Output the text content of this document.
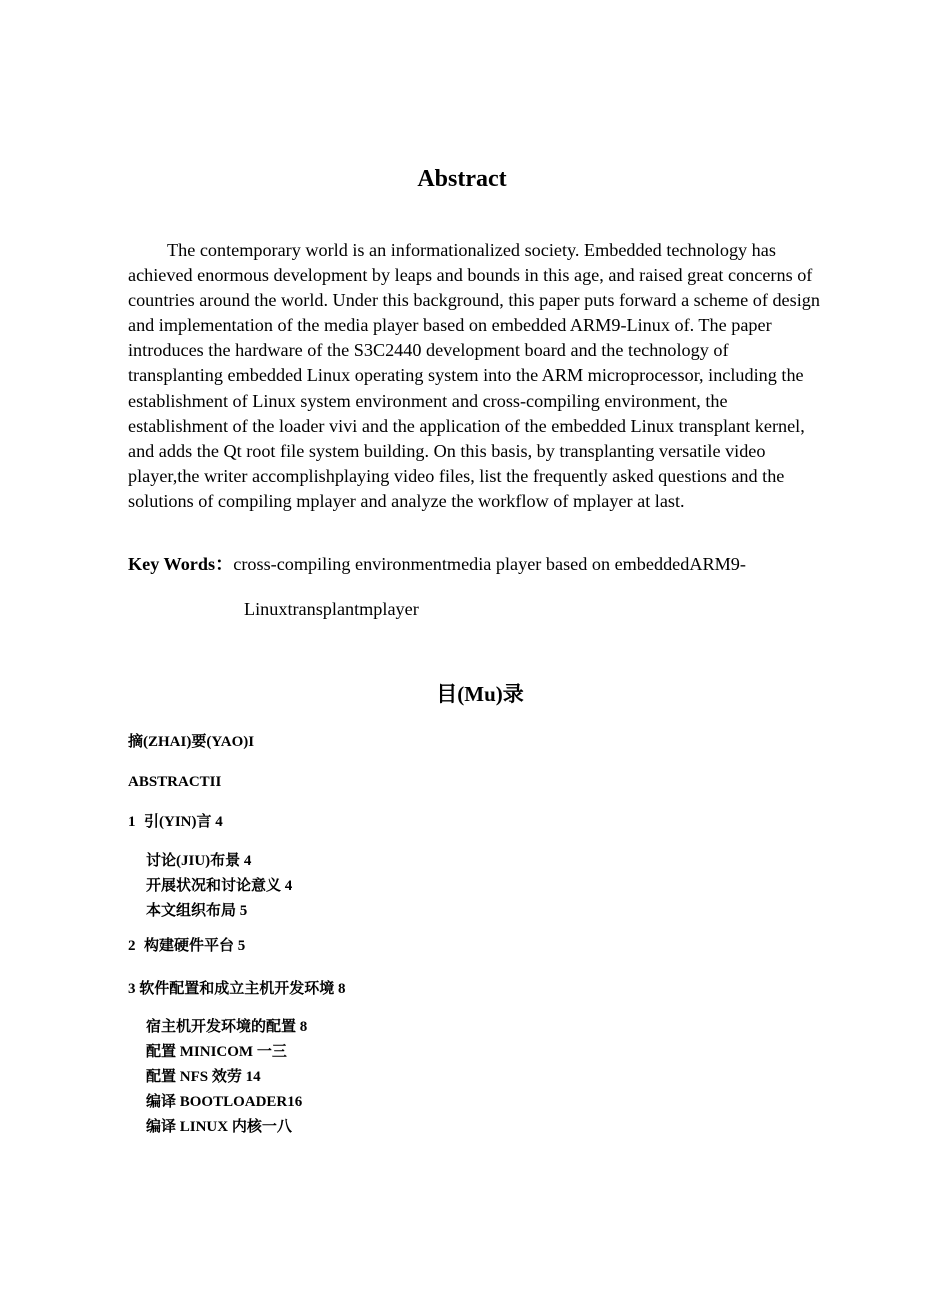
Abstract

The contemporary world is an informationalized society. Embedded technology has achieved enormous development by leaps and bounds in this age, and raised great concerns of countries around the world. Under this background, this paper puts forward a scheme of design and implementation of the media player based on embedded ARM9-Linux of. The paper introduces the hardware of the S3C2440 development board and the technology of transplanting embedded Linux operating system into the ARM microprocessor, including the establishment of Linux system environment and cross-compiling environment, the establishment of the loader vivi and the application of the embedded Linux transplant kernel, and adds the Qt root file system building. On this basis, by transplanting versatile video player,the writer accomplishplaying video files, list the frequently asked questions and the solutions of compiling mplayer and analyze the workflow of mplayer at last.

Key Words：cross-compiling environmentmedia player based on embeddedARM9-
Linuxtransplantmplayer
目(Mu)录
摘(ZHAI)要(YAO)I
ABSTRACTII
1 引(YIN)言 4
讨论(JIU)布景 4
开展状况和讨论意义 4
本文组织布局 5
2 构建硬件平台 5
3 软件配置和成立主机开发环境 8
宿主机开发环境的配置 8
配置 MINICOM 一三
配置 NFS 效劳 14
编译 BOOTLOADER16
编译 LINUX 内核一八
